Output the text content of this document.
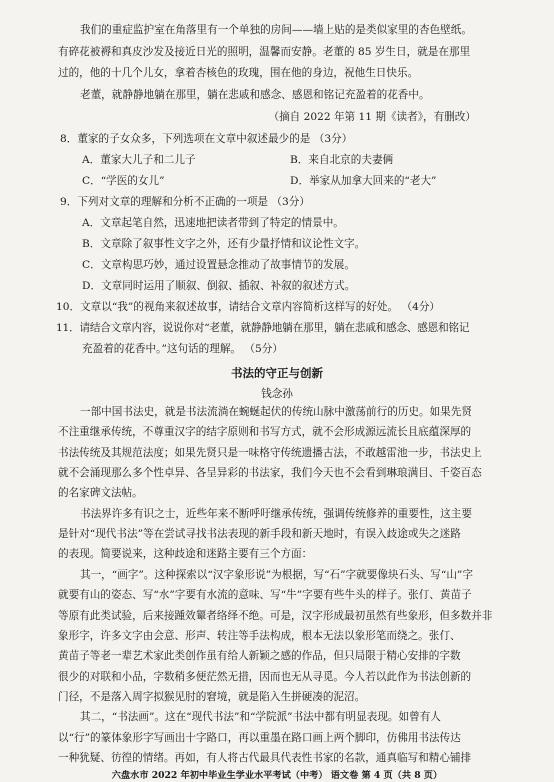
我们的重症监护室在角落里有一个单独的房间——墙上贴的是类似家里的杏色壁纸。
有碎花被褥和真皮沙发及接近日光的照明，温馨而安静。老董的 85 岁生日，就是在那里
过的，他的十几个儿女，拿着杏核色的玫瑰，围在他的身边，祝他生日快乐。
老董，就静静地躺在那里，躺在悲戚和感念、感恩和铭记充盈着的花香中。
（摘自 2022 年第 11 期《读者》，有删改）
8．董家的子女众多，下列选项在文章中叙述最少的是 （3分）
A．董家大儿子和二儿子	B．来自北京的夫妻俩
C．“学医的女儿”	D．举家从加拿大回来的“老大”
9．下列对文章的理解和分析不正确的一项是 （3分）
A．文章起笔自然，迅速地把读者带到了特定的情景中。
B．文章除了叙事性文字之外，还有少量抒情和议论性文字。
C．文章构思巧妙，通过设置悬念推动了故事情节的发展。
D．文章同时运用了顺叙、倒叙、插叙、补叙的叙述方式。
10．文章以“我”的视角来叙述故事，请结合文章内容简析这样写的好处。 （4分）
11．请结合文章内容，说说你对“老董，就静静地躺在那里，躺在悲戚和感念、感恩和铭记
充盈着的花香中。”这句话的理解。 （5分）
书法的守正与创新
钱念孙
一部中国书法史，就是书法流淌在蜿蜒起伏的传统山脉中激荡前行的历史。如果先贤
不注重继承传统，不尊重汉字的结字原则和书写方式，就不会形成源远流长且底蕴深厚的
书法传统及其规范法度；如果先贤只是一味格守传统遗播古法，不敢越雷池一步，书法史上
就不会涌现那么多个性卓异、各呈异彩的书法家，我们今天也不会看到琳琅满目、千姿百态
的名家碑文法帖。
书法界许多有识之士，近些年来不断呼吁继承传统，强调传统修养的重要性，这主要
是针对“现代书法”等在尝试寻找书法表现的新手段和新天地时，有误入歧途或失之迷路
的表现。简要说来，这种歧途和迷路主要有三个方面：
其一，“画字”。这种探索以“汉字象形说”为根据，写“石”字就要像块石头、写“山”字
就要有山的姿态、写“水”字要有水流的意味、写“牛”字要有些牛头的样子。张仃、黄苗子
等原有此类试验，后来接踵效颦者络绎不绝。可是，汉字形成最初虽然有些象形，但多数并非
象形字，许多文字由会意、形声、转注等手法构成，根本无法以象形笔而绕之。张仃、
黄苗子等老一辈艺术家此类创作虽有给人新颖之感的作品，但只局限于精心安排的字数
很少的对联和小品，字数稍多便茫然无措，因而也无从寻觅。今人若以此作为书法创新的
门径，不是落入周字拟猴见肘的窘境，就是陷入生拼硬凑的泥沼。
其二，“书法画”。这在“现代书法”和“学院派”书法中都有明显表现。如曾有人
以“行”的篆体象形字写画出十字路口，再以重墨在路口画上两个脚印，仿佛用书法传达
一种犹疑、彷徨的情绪。再如，有人将古代最具代表性书家的名款，通真临写和精心铺排
六盘水市 2022 年初中毕业生学业水平考试（中考） 语文卷 第 4 页（共 8 页）
